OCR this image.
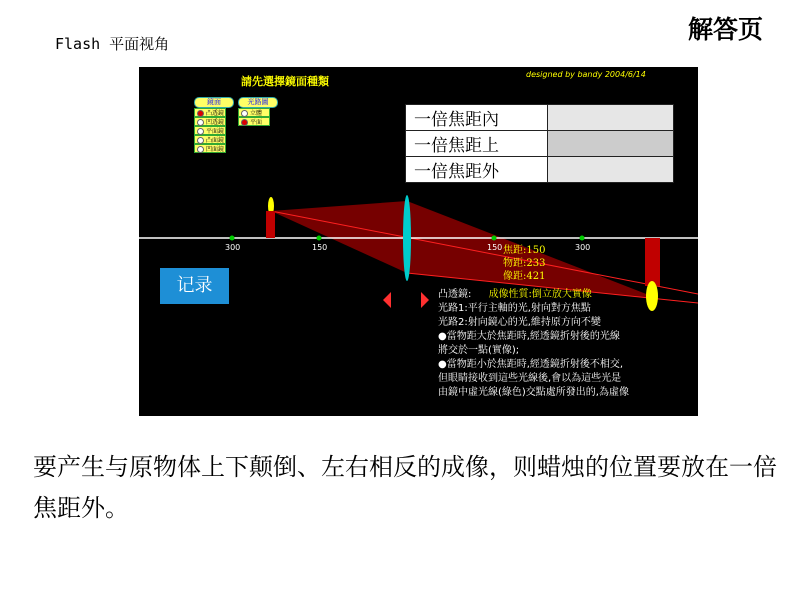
Flash 平面视角	解答页
請先選擇鏡面種類
designed by bandy 2004/6/14
鏡面
凸透鏡
凹透鏡
平面鏡
凸面鏡
凹面鏡
光路圖
立體
平面	一倍焦距內	
一倍焦距上	
一倍焦距外	
300	150	150	300
焦距:150
物距:233
像距:421
记录	凸透鏡: 成像性質:倒立放大實像
光路1:平行主軸的光,射向對方焦點
光路2:射向鏡心的光,維持原方向不變
●當物距大於焦距時,經透鏡折射後的光線
將交於一點(實像);
●當物距小於焦距時,經透鏡折射後不相交,
但眼睛接收到這些光線後,會以為這些光是
由鏡中虛光線(綠色)交點處所發出的,為虛像
要产生与原物体上下颠倒、左右相反的成像，则蜡烛的位置要放在一倍焦距外。
